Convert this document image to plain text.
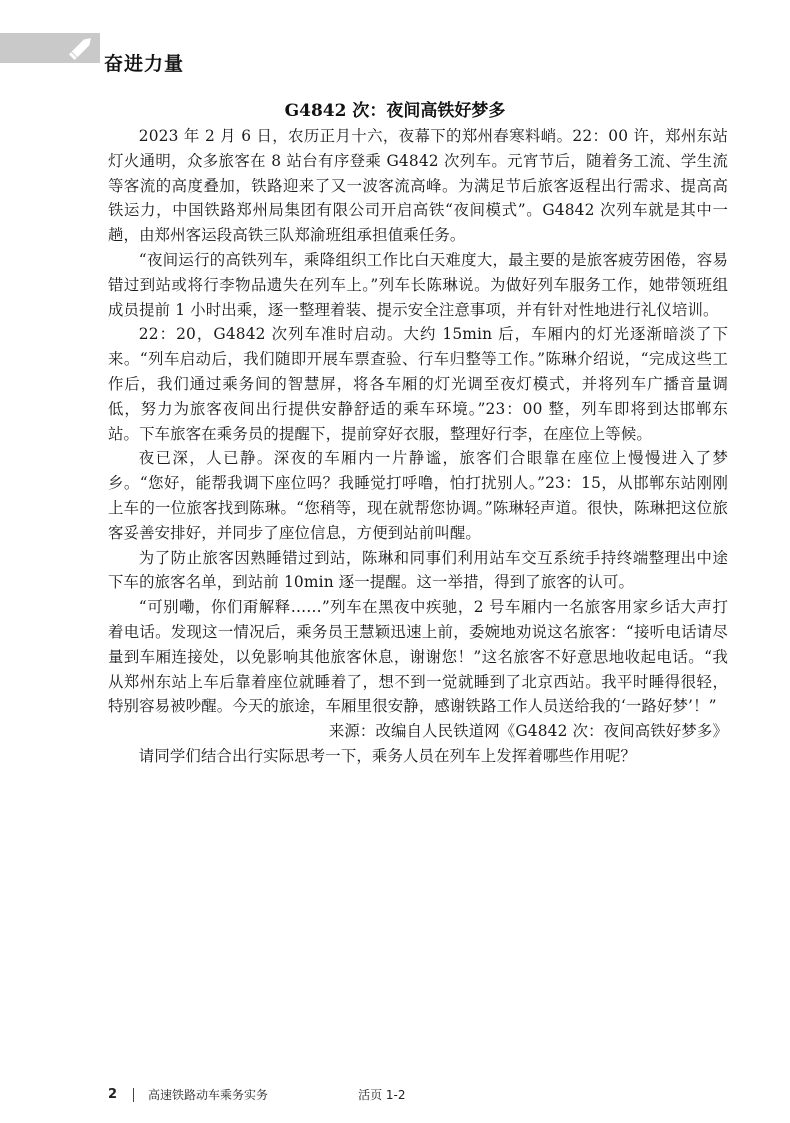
奋进力量
G4842 次：夜间高铁好梦多

2023 年 2 月 6 日，农历正月十六，夜幕下的郑州春寒料峭。22：00 许，郑州东站灯火通明，众多旅客在 8 站台有序登乘 G4842 次列车。元宵节后，随着务工流、学生流等客流的高度叠加，铁路迎来了又一波客流高峰。为满足节后旅客返程出行需求、提高高铁运力，中国铁路郑州局集团有限公司开启高铁“夜间模式”。G4842 次列车就是其中一趟，由郑州客运段高铁三队郑渝班组承担值乘任务。

“夜间运行的高铁列车，乘降组织工作比白天难度大，最主要的是旅客疲劳困倦，容易错过到站或将行李物品遗失在列车上。”列车长陈琳说。为做好列车服务工作，她带领班组成员提前 1 小时出乘，逐一整理着装、提示安全注意事项，并有针对性地进行礼仪培训。

22：20，G4842 次列车准时启动。大约 15min 后，车厢内的灯光逐渐暗淡了下来。“列车启动后，我们随即开展车票查验、行车归整等工作。”陈琳介绍说，“完成这些工作后，我们通过乘务间的智慧屏，将各车厢的灯光调至夜灯模式，并将列车广播音量调低，努力为旅客夜间出行提供安静舒适的乘车环境。”23：00 整，列车即将到达邯郸东站。下车旅客在乘务员的提醒下，提前穿好衣服，整理好行李，在座位上等候。

夜已深，人已静。深夜的车厢内一片静谧，旅客们合眼靠在座位上慢慢进入了梦乡。“您好，能帮我调下座位吗？我睡觉打呼噜，怕打扰别人。”23：15，从邯郸东站刚刚上车的一位旅客找到陈琳。“您稍等，现在就帮您协调。”陈琳轻声道。很快，陈琳把这位旅客妥善安排好，并同步了座位信息，方便到站前叫醒。

为了防止旅客因熟睡错过到站，陈琳和同事们利用站车交互系统手持终端整理出中途下车的旅客名单，到站前 10min 逐一提醒。这一举措，得到了旅客的认可。

“可别嘞，你们甭解释……”列车在黑夜中疾驰，2 号车厢内一名旅客用家乡话大声打着电话。发现这一情况后，乘务员王慧颖迅速上前，委婉地劝说这名旅客：“接听电话请尽量到车厢连接处，以免影响其他旅客休息，谢谢您！”这名旅客不好意思地收起电话。“我从郑州东站上车后靠着座位就睡着了，想不到一觉就睡到了北京西站。我平时睡得很轻，特别容易被吵醒。今天的旅途，车厢里很安静，感谢铁路工作人员送给我的‘一路好梦’！”

来源：改编自人民铁道网《G4842 次：夜间高铁好梦多》

请同学们结合出行实际思考一下，乘务人员在列车上发挥着哪些作用呢？

2	高速铁路动车乘务实务	活页 1-2
